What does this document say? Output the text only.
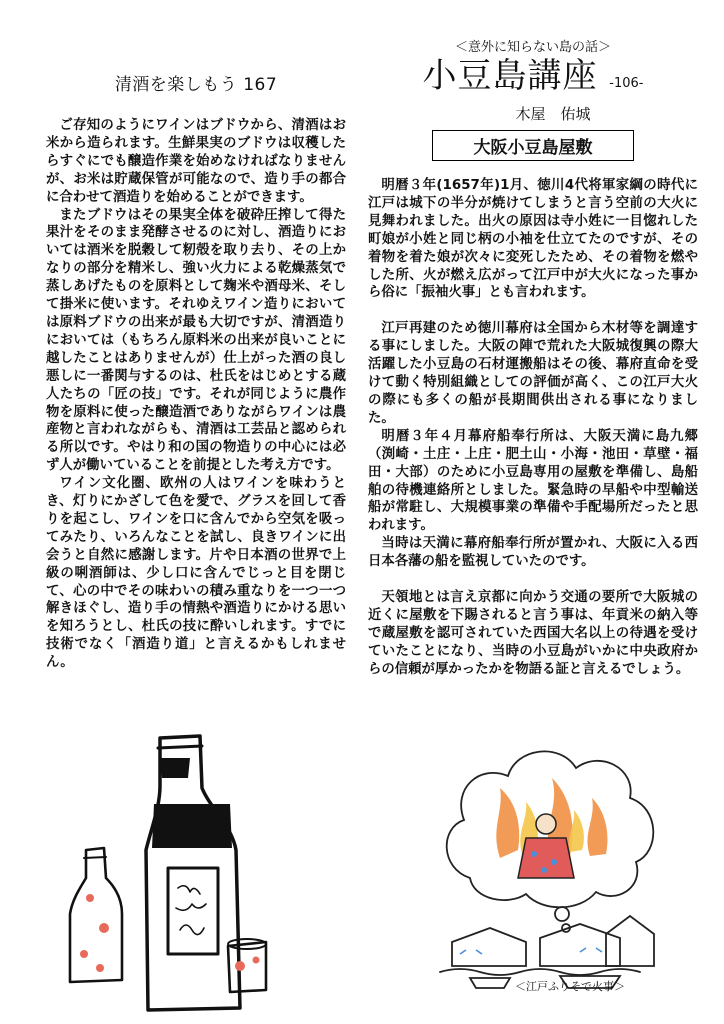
清酒を楽しもう 167

ご存知のようにワインはブドウから、清酒はお米から造られます。生鮮果実のブドウは収穫したらすぐにでも醸造作業を始めなければなりませんが、お米は貯蔵保管が可能なので、造り手の都合に合わせて酒造りを始めることができます。

またブドウはその果実全体を破砕圧搾して得た果汁をそのまま発酵させるのに対し、酒造りにおいては酒米を脱穀して籾殻を取り去り、その上かなりの部分を精米し、強い火力による乾燥蒸気で蒸しあげたものを原料として麹米や酒母米、そして掛米に使います。それゆえワイン造りにおいては原料ブドウの出来が最も大切ですが、清酒造りにおいては（もちろん原料米の出来が良いことに越したことはありませんが）仕上がった酒の良し悪しに一番関与するのは、杜氏をはじめとする蔵人たちの「匠の技」です。それが同じように農作物を原料に使った醸造酒でありながらワインは農産物と言われながらも、清酒は工芸品と認められる所以です。やはり和の国の物造りの中心には必ず人が働いていることを前提とした考え方です。

ワイン文化圏、欧州の人はワインを味わうとき、灯りにかざして色を愛で、グラスを回して香りを起こし、ワインを口に含んでから空気を吸ってみたり、いろんなことを試し、良きワインに出会うと自然に感謝します。片や日本酒の世界で上級の唎酒師は、少し口に含んでじっと目を閉じて、心の中でその味わいの積み重なりを一つ一つ解きほぐし、造り手の情熱や酒造りにかける思いを知ろうとし、杜氏の技に酔いしれます。すでに技術でなく「酒造り道」と言えるかもしれません。

＜意外に知らない島の話＞
小豆島講座 -106-
木屋　佑城
大阪小豆島屋敷

明暦３年(1657年)1月、徳川4代将軍家綱の時代に江戸は城下の半分が焼けてしまうと言う空前の大火に見舞われました。出火の原因は寺小姓に一目惚れした町娘が小姓と同じ柄の小袖を仕立てたのですが、その着物を着た娘が次々に変死したため、その着物を燃やした所、火が燃え広がって江戸中が大火になった事から俗に「振袖火事」とも言われます。

江戸再建のため徳川幕府は全国から木材等を調達する事にしました。大阪の陣で荒れた大阪城復興の際大活躍した小豆島の石材運搬船はその後、幕府直命を受けて動く特別組織としての評価が高く、この江戸大火の際にも多くの船が長期間供出される事になりました。

明暦３年４月幕府船奉行所は、大阪天満に島九郷（渕崎・土庄・上庄・肥土山・小海・池田・草壁・福田・大部）のために小豆島専用の屋敷を準備し、島船舶の待機連絡所としました。緊急時の早船や中型輸送船が常駐し、大規模事業の準備や手配場所だったと思われます。

当時は天満に幕府船奉行所が置かれ、大阪に入る西日本各藩の船を監視していたのです。

天領地とは言え京都に向かう交通の要所で大阪城の近くに屋敷を下賜されると言う事は、年貢米の納入等で蔵屋敷を認可されていた西国大名以上の待遇を受けていたことになり、当時の小豆島がいかに中央政府からの信頼が厚かったかを物語る証と言えるでしょう。

＜江戸ふりそで火事＞
